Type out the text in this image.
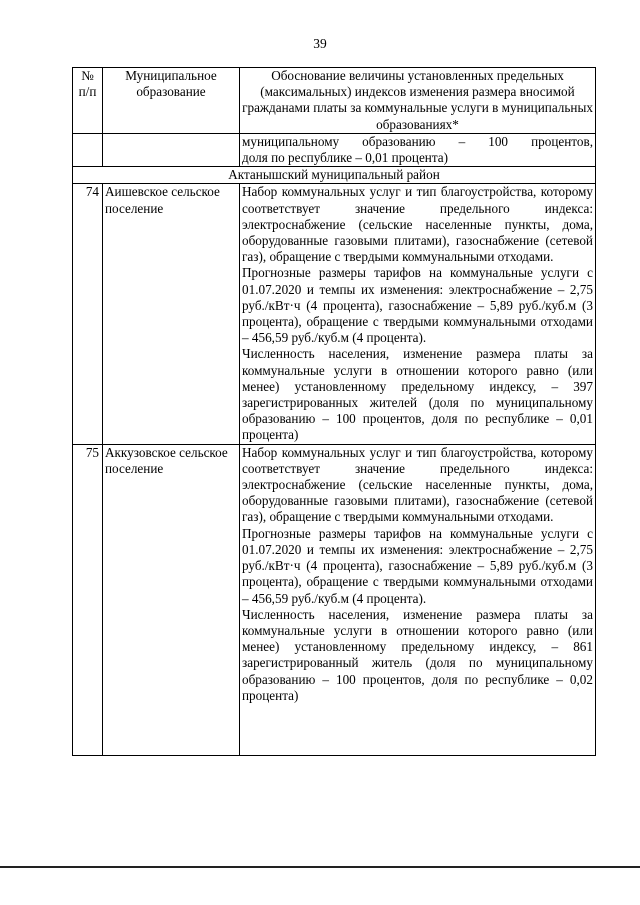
39
№ п/п	Муниципальное образование	Обоснование величины установленных предельных (максимальных) индексов изменения размера вносимой гражданами платы за коммунальные услуги в муниципальных образованиях*

		муниципальному образованию – 100 процентов,

доля по республике – 0,01 процента)

Актанышский муниципальный район		
74	Аишевское сельское поселение	Набор коммунальных услуг и тип благоустройства, которому соответствует значение предельного индекса: электроснабжение (сельские населенные пункты, дома, оборудованные газовыми плитами), газоснабжение (сетевой газ), обращение с твердыми коммунальными отходами.

Прогнозные размеры тарифов на коммунальные услуги с 01.07.2020 и темпы их изменения: электроснабжение – 2,75 руб./кВт·ч (4 процента), газоснабжение – 5,89 руб./куб.м (3 процента), обращение с твердыми коммунальными отходами – 456,59 руб./куб.м (4 процента).

Численность населения, изменение размера платы за коммунальные услуги в отношении которого равно (или менее) установленному предельному индексу, – 397 зарегистрированных жителей (доля по муниципальному образованию – 100 процентов, доля по республике – 0,01 процента)

75	Аккузовское сельское поселение	Набор коммунальных услуг и тип благоустройства, которому соответствует значение предельного индекса: электроснабжение (сельские населенные пункты, дома, оборудованные газовыми плитами), газоснабжение (сетевой газ), обращение с твердыми коммунальными отходами.

Прогнозные размеры тарифов на коммунальные услуги с 01.07.2020 и темпы их изменения: электроснабжение – 2,75 руб./кВт·ч (4 процента), газоснабжение – 5,89 руб./куб.м (3 процента), обращение с твердыми коммунальными отходами – 456,59 руб./куб.м (4 процента).

Численность населения, изменение размера платы за коммунальные услуги в отношении которого равно (или менее) установленному предельному индексу, – 861 зарегистрированный житель (доля по муниципальному образованию – 100 процентов, доля по республике – 0,02 процента)
